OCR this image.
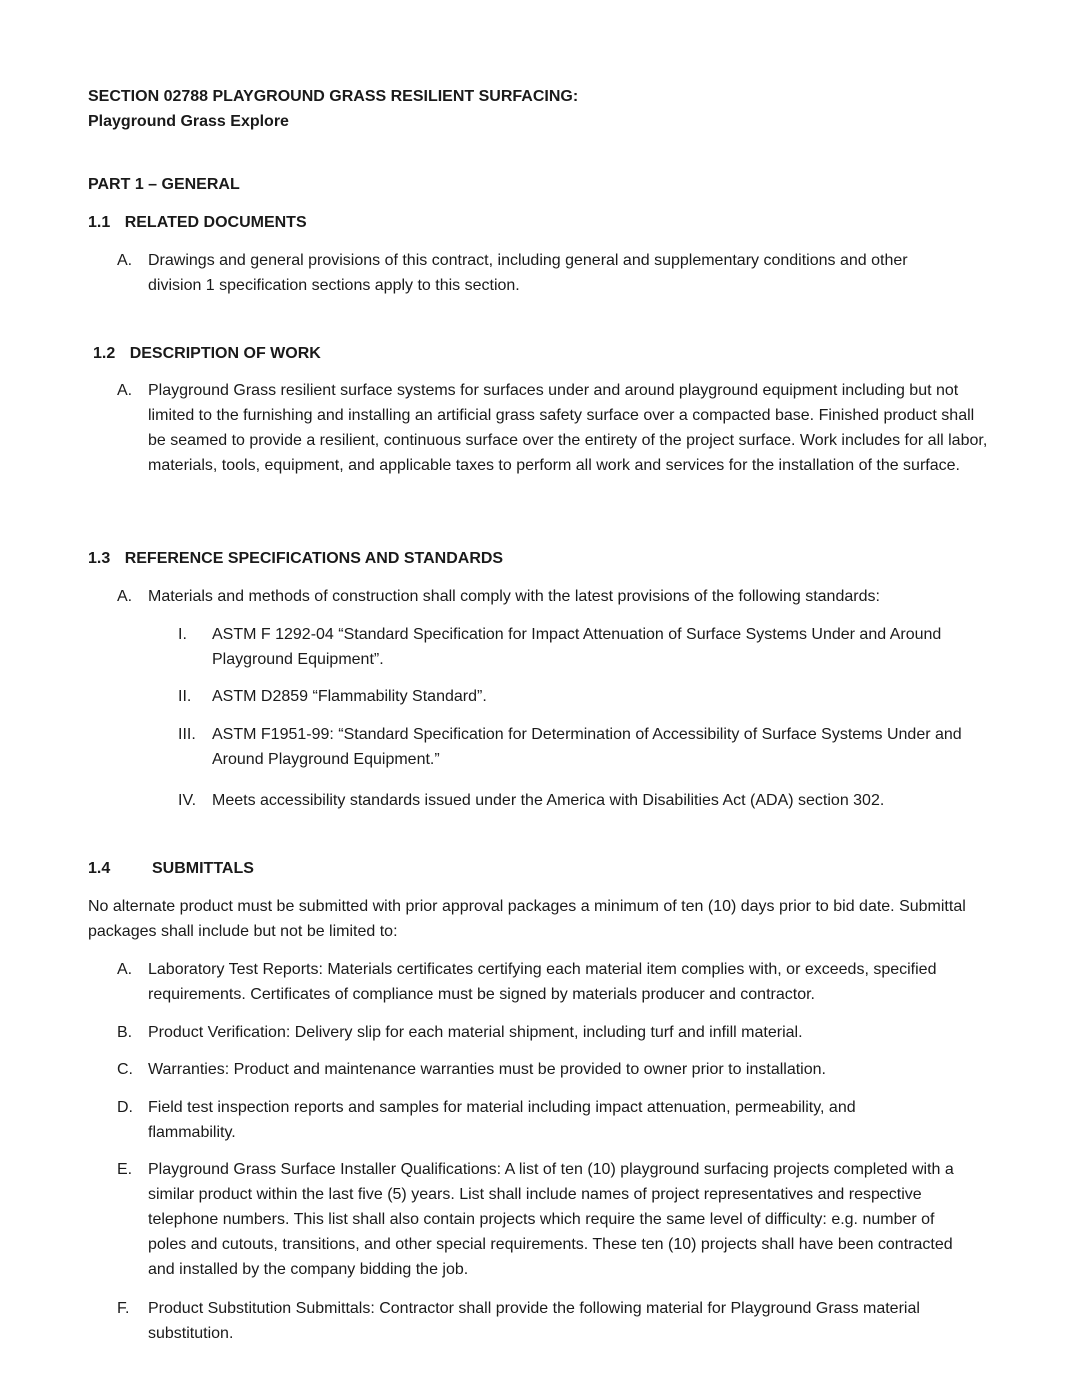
SECTION 02788 PLAYGROUND GRASS RESILIENT SURFACING:
Playground Grass Explore
PART 1 – GENERAL
1.1 RELATED DOCUMENTS
A. Drawings and general provisions of this contract, including general and supplementary conditions and other division 1 specification sections apply to this section.
1.2 DESCRIPTION OF WORK
A. Playground Grass resilient surface systems for surfaces under and around playground equipment including but not limited to the furnishing and installing an artificial grass safety surface over a compacted base. Finished product shall be seamed to provide a resilient, continuous surface over the entirety of the project surface. Work includes for all labor, materials, tools, equipment, and applicable taxes to perform all work and services for the installation of the surface.
1.3 REFERENCE SPECIFICATIONS AND STANDARDS
A. Materials and methods of construction shall comply with the latest provisions of the following standards:
I. ASTM F 1292-04 “Standard Specification for Impact Attenuation of Surface Systems Under and Around Playground Equipment”.
II. ASTM D2859 “Flammability Standard”.
III. ASTM F1951-99: “Standard Specification for Determination of Accessibility of Surface Systems Under and Around Playground Equipment.”
IV. Meets accessibility standards issued under the America with Disabilities Act (ADA) section 302.
1.4	SUBMITTALS
No alternate product must be submitted with prior approval packages a minimum of ten (10) days prior to bid date. Submittal packages shall include but not be limited to:
A. Laboratory Test Reports: Materials certificates certifying each material item complies with, or exceeds, specified requirements. Certificates of compliance must be signed by materials producer and contractor.
B. Product Verification: Delivery slip for each material shipment, including turf and infill material.
C. Warranties: Product and maintenance warranties must be provided to owner prior to installation.
D. Field test inspection reports and samples for material including impact attenuation, permeability, and flammability.
E. Playground Grass Surface Installer Qualifications: A list of ten (10) playground surfacing projects completed with a similar product within the last five (5) years. List shall include names of project representatives and respective telephone numbers. This list shall also contain projects which require the same level of difficulty: e.g. number of poles and cutouts, transitions, and other special requirements. These ten (10) projects shall have been contracted and installed by the company bidding the job.
F. Product Substitution Submittals: Contractor shall provide the following material for Playground Grass material substitution.
